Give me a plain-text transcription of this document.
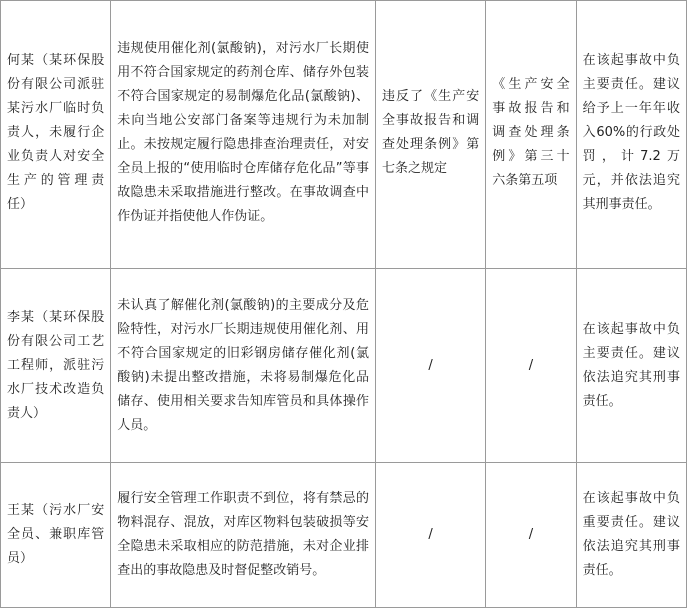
何某（某环保股份有限公司派驻某污水厂临时负责人，未履行企业负责人对安全生产的管理责任）	违规使用催化剂(氯酸钠)，对污水厂长期使用不符合国家规定的药剂仓库、储存外包装不符合国家规定的易制爆危化品(氯酸钠)、未向当地公安部门备案等违规行为未加制止。未按规定履行隐患排查治理责任，对安全员上报的“使用临时仓库储存危化品”等事故隐患未采取措施进行整改。在事故调查中作伪证并指使他人作伪证。	违反了《生产安全事故报告和调查处理条例》第七条之规定	《生产安全事故报告和调查处理条例》第三十六条第五项	在该起事故中负主要责任。建议给予上一年年收入60%的行政处罚，计7.2万元，并依法追究其刑事责任。
李某（某环保股份有限公司工艺工程师，派驻污水厂技术改造负责人）	未认真了解催化剂(氯酸钠)的主要成分及危险特性，对污水厂长期违规使用催化剂、用不符合国家规定的旧彩钢房储存催化剂(氯酸钠)未提出整改措施，未将易制爆危化品储存、使用相关要求告知库管员和具体操作人员。	/	/	在该起事故中负主要责任。建议依法追究其刑事责任。
王某（污水厂安全员、兼职库管员）	履行安全管理工作职责不到位，将有禁忌的物料混存、混放，对库区物料包装破损等安全隐患未采取相应的防范措施，未对企业排查出的事故隐患及时督促整改销号。	/	/	在该起事故中负重要责任。建议依法追究其刑事责任。
